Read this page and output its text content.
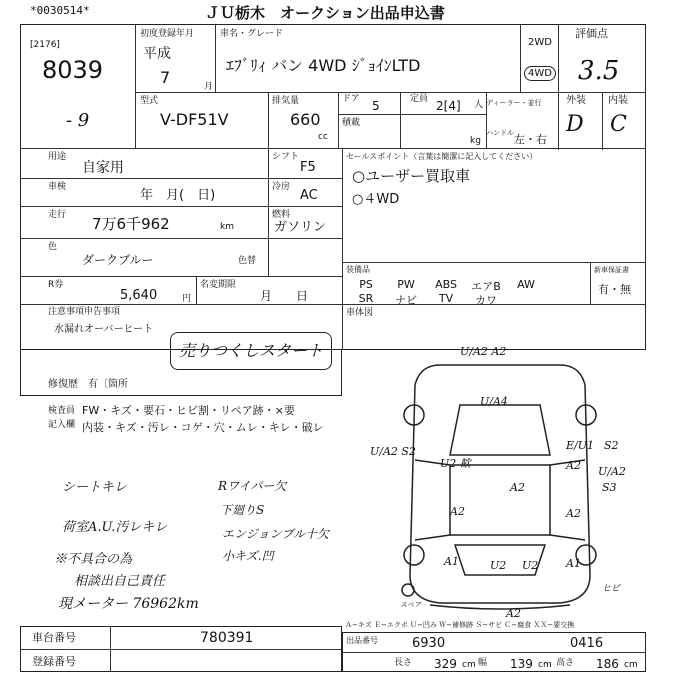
*0030514*	ＪＵ栃木　オークション出品申込書
[2176]
8039
- 9
初度登録年月
平成
7	月
車名・グレード
ｴﾌﾞﾘｨ バン 4WD ｼﾞｮｲﾝLTD
2WD
4WD
評価点
3.5
外装 内装
D C
型式
V-DF51V
排気量
660
cc
ドア 5	定員 2[4] 人 ディーラー・並行
積載
kg
ハンドル 左・右
用途
自家用
車検
年　月(　日)
走行 7万6千962	km
色
ダークブルー	色替
R券
5,640	円
名変期限
月　　日
シフト
F5
冷房
AC
燃料
ガソリン
セールスポイント（言葉は簡潔に記入してください）
○ユーザー買取車
○４WD
装備品
PS	PW	ABS	エアB	AW
SR	ナビ	TV	カワ
新車保証書
有・無
車体図
注意事項申告事項
水漏れオーバーヒート
売りつくしスタート
修復歴 有〔箇所
検査員
記入欄
FW・キズ・要石・ヒビ割・リペア跡・×要
内装・キズ・汚レ・コゲ・穴・ムレ・キレ・破レ
シートキレ
荷室A.U.汚レキレ
※不具合の為
相談出自己責任
現メーター 76962km
Rワイパー欠
下廻りS
エンジョンブル十欠
小キズ.凹
U/A2 A2
U/A4
U/A2 S2
U2 歓
E/U1
A2
S2
U/A2
S3
A2
A2	A2
A1	U2 U2	A1
A2
ヒビ
スペア
Ａ−キズ Ｅ−エクボ Ｕ−凹み Ｗ−補修跡 Ｓ−サビ Ｃ−腐食 ＸＸ−要交換
車台番号	780391
登録番号
出品番号	6930	0416
長さ 329 cm 幅 139 cm 高さ 186 cm
